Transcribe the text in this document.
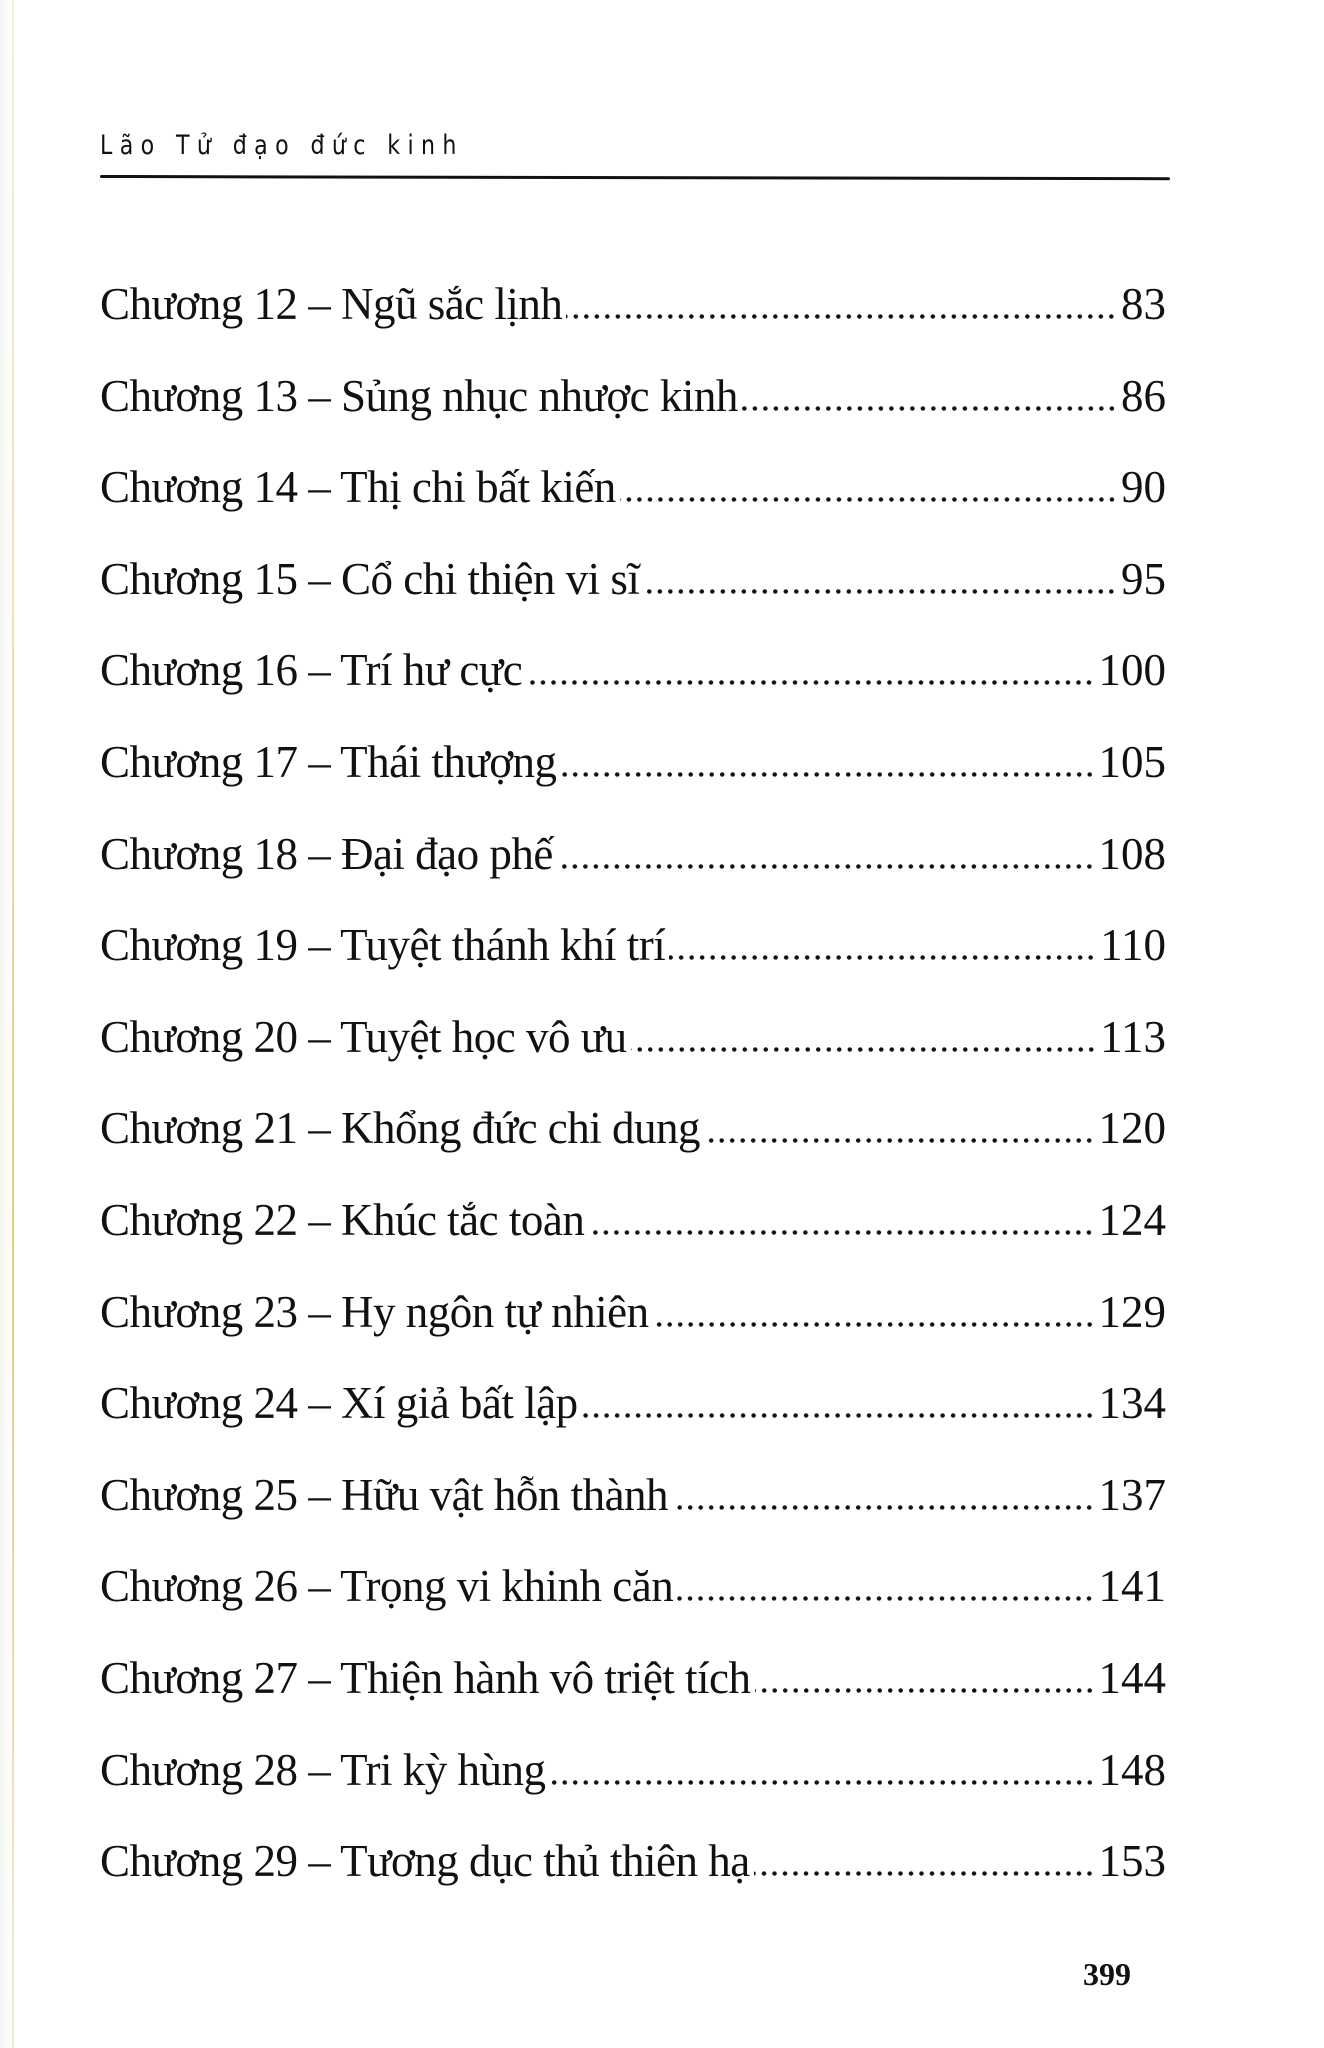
Lão Tử đạo đức kinh
Chương 12 – Ngũ sắc lịnh	83
Chương 13 – Sủng nhục nhược kinh	86
Chương 14 – Thị chi bất kiến	90
Chương 15 – Cổ chi thiện vi sĩ	95
Chương 16 – Trí hư cực	100
Chương 17 – Thái thượng	105
Chương 18 – Đại đạo phế	108
Chương 19 – Tuyệt thánh khí trí	110
Chương 20 – Tuyệt học vô ưu	113
Chương 21 – Khổng đức chi dung	120
Chương 22 – Khúc tắc toàn	124
Chương 23 – Hy ngôn tự nhiên	129
Chương 24 – Xí giả bất lập	134
Chương 25 – Hữu vật hỗn thành	137
Chương 26 – Trọng vi khinh căn	141
Chương 27 – Thiện hành vô triệt tích	144
Chương 28 – Tri kỳ hùng	148
Chương 29 – Tương dục thủ thiên hạ	153
399
